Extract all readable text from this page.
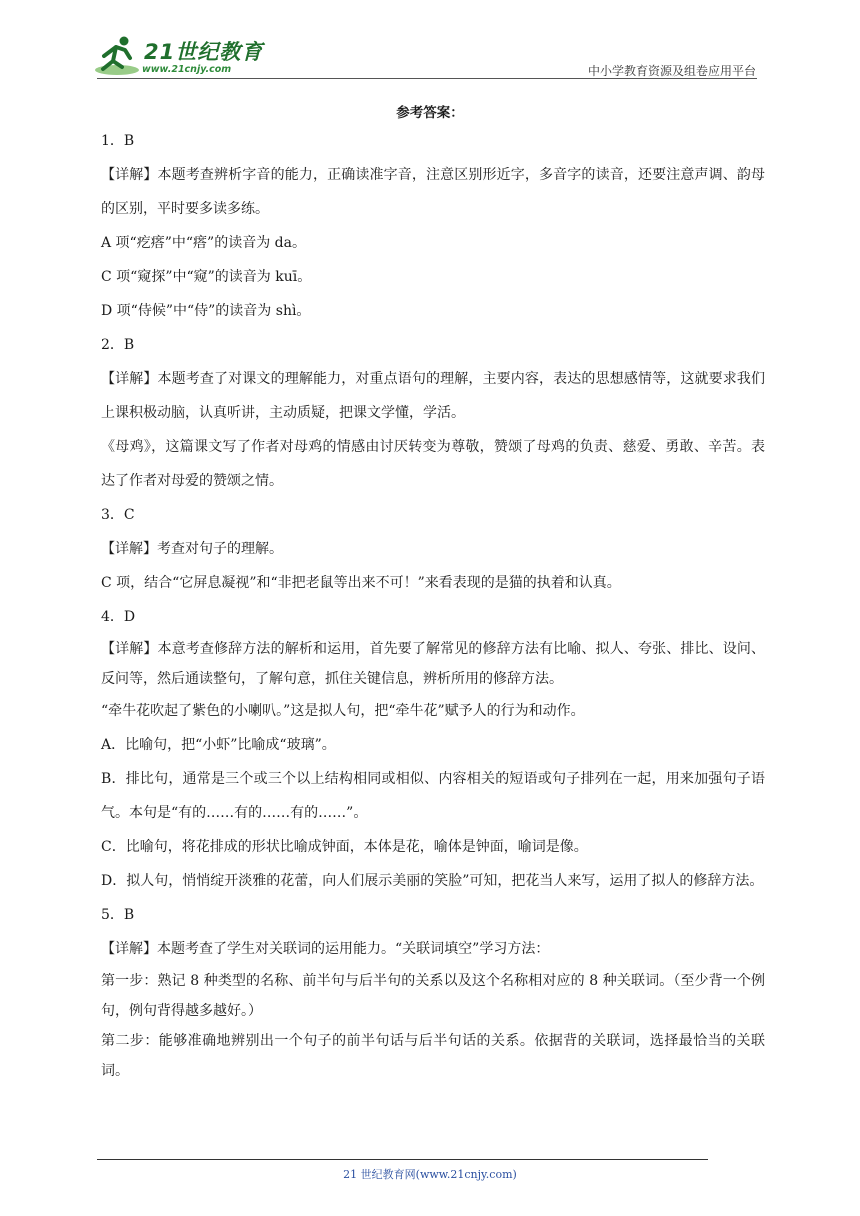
21世纪教育
www.21cnjy.com	中小学教育资源及组卷应用平台
参考答案：
1．B
【详解】本题考查辨析字音的能力，正确读准字音，注意区别形近字，多音字的读音，还要注意声调、韵母的区别，平时要多读多练。
A 项“疙瘩”中“瘩”的读音为 da。
C 项“窥探”中“窥”的读音为 kuī。
D 项“侍候”中“侍”的读音为 shì。
2．B
【详解】本题考查了对课文的理解能力，对重点语句的理解，主要内容，表达的思想感情等，这就要求我们上课积极动脑，认真听讲，主动质疑，把课文学懂，学活。
《母鸡》，这篇课文写了作者对母鸡的情感由讨厌转变为尊敬，赞颂了母鸡的负责、慈爱、勇敢、辛苦。表达了作者对母爱的赞颂之情。
3．C
【详解】考查对句子的理解。
C 项，结合“它屏息凝视”和“非把老鼠等出来不可！”来看表现的是猫的执着和认真。
4．D
【详解】本意考查修辞方法的解析和运用，首先要了解常见的修辞方法有比喻、拟人、夸张、排比、设问、反问等，然后通读整句，了解句意，抓住关键信息，辨析所用的修辞方法。
“牵牛花吹起了紫色的小喇叭。”这是拟人句，把“牵牛花”赋予人的行为和动作。
A．比喻句，把“小虾”比喻成“玻璃”。
B．排比句，通常是三个或三个以上结构相同或相似、内容相关的短语或句子排列在一起，用来加强句子语气。本句是“有的……有的……有的……”。
C．比喻句，将花排成的形状比喻成钟面，本体是花，喻体是钟面，喻词是像。
D．拟人句，悄悄绽开淡雅的花蕾，向人们展示美丽的笑脸”可知，把花当人来写，运用了拟人的修辞方法。
5．B
【详解】本题考查了学生对关联词的运用能力。“关联词填空”学习方法：
第一步：熟记 8 种类型的名称、前半句与后半句的关系以及这个名称相对应的 8 种关联词。（至少背一个例句，例句背得越多越好。）
第二步：能够准确地辨别出一个句子的前半句话与后半句话的关系。依据背的关联词，选择最恰当的关联词。
21 世纪教育网(www.21cnjy.com)
